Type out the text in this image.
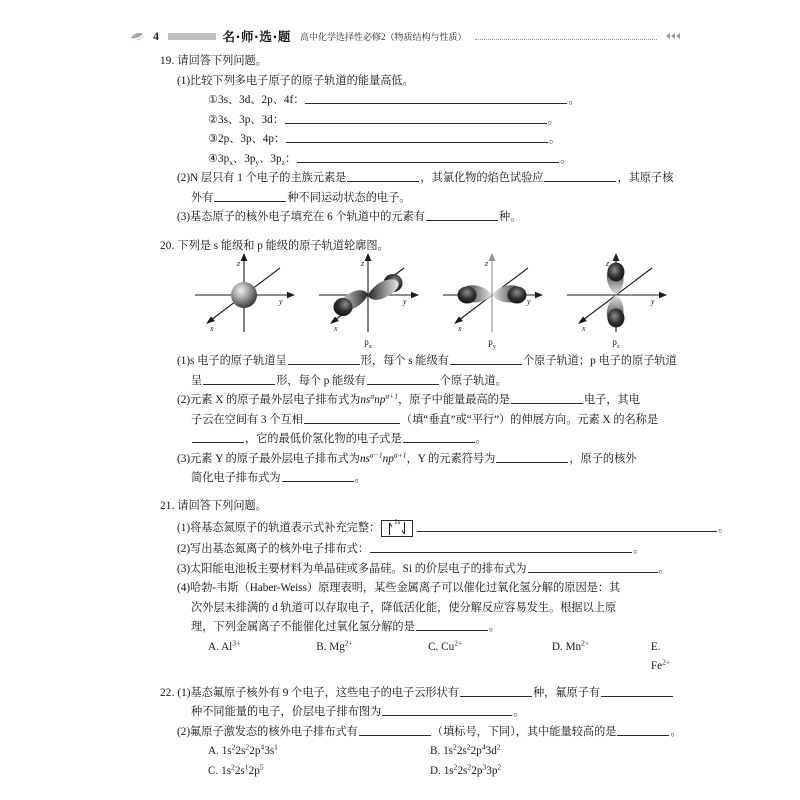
4	名·师·选·题 高中化学选择性必修2（物质结构与性质）
19. 请回答下列问题。
(1)比较下列多电子原子的原子轨道的能量高低。
①3s、3d、2p、4f：	。
②3s、3p、3d：	。
③2p、3p、4p：	。
$④3p_x$、$3p_y$、$3p_z$：	。
(2)N 层只有 1 个电子的主族元素是	，其氯化物的焰色试验应	，其原子核
外有	种不同运动状态的电子。
(3)基态原子的核外电子填充在 6 个轨道中的元素有	种。
20. 下列是 s 能级和 p 能级的原子轨道轮廓图。
(1)s 电子的原子轨道呈	形，每个 s 能级有	个原子轨道；p 电子的原子轨道
呈	形，每个 p 能级有	个原子轨道。
(2)元素 X 的原子最外层电子排布式为$ns^anp^{a+1}$，原子中能量最高的是	电子，其电
子云在空间有 3 个互相	（填“垂直”或“平行”）的伸展方向。元素 X 的名称是
，它的最低价氢化物的电子式是	。
(3)元素 Y 的原子最外层电子排布式为$ns^{a-1}np^{a+1}$，Y 的元素符号为	，原子的核外
简化电子排布式为	。
21. 请回答下列问题。
(1)将基态氮原子的轨道表示式补充完整：	1s	。
(2)写出基态氮离子的核外电子排布式：	。
(3)太阳能电池板主要材料为单晶硅或多晶硅。Si 的价层电子的排布式为	。
(4)哈勃-韦斯（Haber-Weiss）原理表明，某些金属离子可以催化过氧化氢分解的原因是：其
次外层未排满的 d 轨道可以存取电子，降低活化能，使分解反应容易发生。根据以上原
理，下列金属离子不能催化过氧化氢分解的是	。
A. $Al^{3+}$	B. $Mg^{2+}$	C. $Cu^{2+}$	D. $Mn^{2+}$	E. $Fe^{2+}$
22. (1)基态氟原子核外有 9 个电子，这些电子的电子云形状有	种，氟原子有
种不同能量的电子，价层电子排布图为	。
(2)氟原子激发态的核外电子排布式有	（填标号，下同），其中能量较高的是	。
A. $1s^22s^22p^43s^1$	B. $1s^22s^22p^43d^2$
C. $1s^22s^12p^5$	D. $1s^22s^22p^33p^2$
z
y
x
z
y
x
$p_x$
z
y
x
$p_y$
z
y
x
$p_z$
